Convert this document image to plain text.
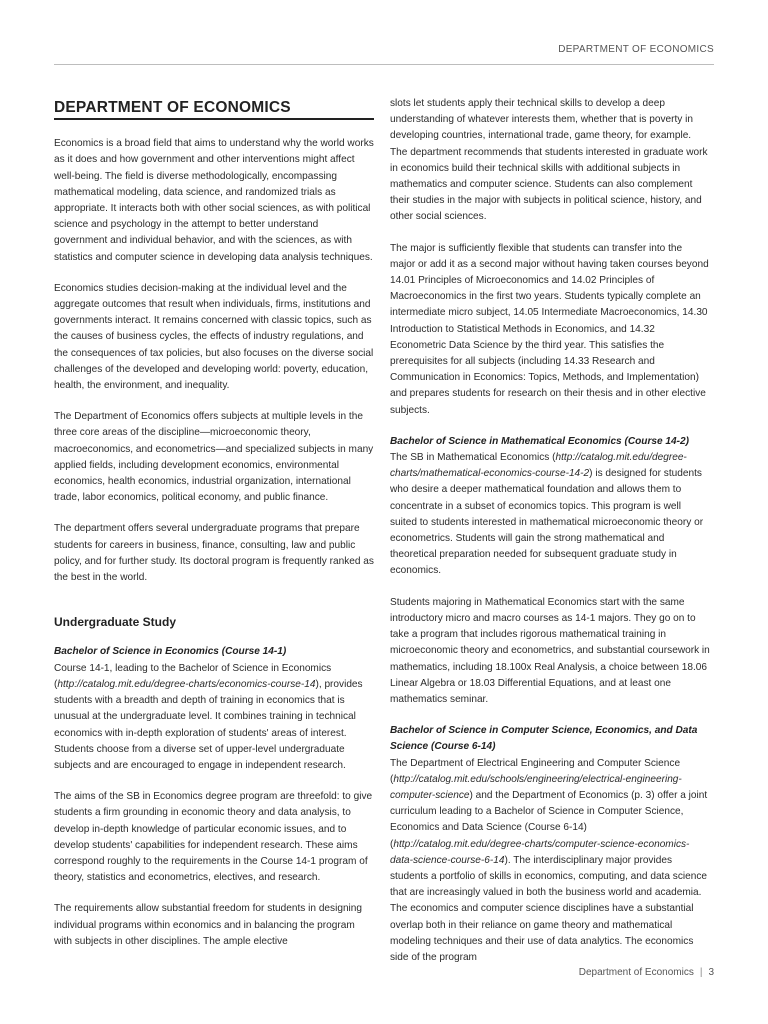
DEPARTMENT OF ECONOMICS
DEPARTMENT OF ECONOMICS

Economics is a broad field that aims to understand why the world works as it does and how government and other interventions might affect well-being. The field is diverse methodologically, encompassing mathematical modeling, data science, and randomized trials as appropriate. It interacts both with other social sciences, as with political science and psychology in the attempt to better understand government and individual behavior, and with the sciences, as with statistics and computer science in developing data analysis techniques.

Economics studies decision-making at the individual level and the aggregate outcomes that result when individuals, firms, institutions and governments interact. It remains concerned with classic topics, such as the causes of business cycles, the effects of industry regulations, and the consequences of tax policies, but also focuses on the diverse social challenges of the developed and developing world: poverty, education, health, the environment, and inequality.

The Department of Economics offers subjects at multiple levels in the three core areas of the discipline—microeconomic theory, macroeconomics, and econometrics—and specialized subjects in many applied fields, including development economics, environmental economics, health economics, industrial organization, international trade, labor economics, political economy, and public finance.

The department offers several undergraduate programs that prepare students for careers in business, finance, consulting, law and public policy, and for further study. Its doctoral program is frequently ranked as the best in the world.

Undergraduate Study
Bachelor of Science in Economics (Course 14-1)

Course 14-1, leading to the Bachelor of Science in Economics (http://catalog.mit.edu/degree-charts/economics-course-14), provides students with a breadth and depth of training in economics that is unusual at the undergraduate level. It combines training in technical economics with in-depth exploration of students' areas of interest. Students choose from a diverse set of upper-level undergraduate subjects and are encouraged to engage in independent research.

The aims of the SB in Economics degree program are threefold: to give students a firm grounding in economic theory and data analysis, to develop in-depth knowledge of particular economic issues, and to develop students' capabilities for independent research. These aims correspond roughly to the requirements in the Course 14-1 program of theory, statistics and econometrics, electives, and research.

The requirements allow substantial freedom for students in designing individual programs within economics and in balancing the program with subjects in other disciplines. The ample elective

slots let students apply their technical skills to develop a deep understanding of whatever interests them, whether that is poverty in developing countries, international trade, game theory, for example. The department recommends that students interested in graduate work in economics build their technical skills with additional subjects in mathematics and computer science. Students can also complement their studies in the major with subjects in political science, history, and other social sciences.

The major is sufficiently flexible that students can transfer into the major or add it as a second major without having taken courses beyond 14.01 Principles of Microeconomics and 14.02 Principles of Macroeconomics in the first two years. Students typically complete an intermediate micro subject, 14.05 Intermediate Macroeconomics, 14.30 Introduction to Statistical Methods in Economics, and 14.32 Econometric Data Science by the third year. This satisfies the prerequisites for all subjects (including 14.33 Research and Communication in Economics: Topics, Methods, and Implementation) and prepares students for research on their thesis and in other elective subjects.

Bachelor of Science in Mathematical Economics (Course 14-2)

The SB in Mathematical Economics (http://catalog.mit.edu/degree-charts/mathematical-economics-course-14-2) is designed for students who desire a deeper mathematical foundation and allows them to concentrate in a subset of economics topics. This program is well suited to students interested in mathematical microeconomic theory or econometrics. Students will gain the strong mathematical and theoretical preparation needed for subsequent graduate study in economics.

Students majoring in Mathematical Economics start with the same introductory micro and macro courses as 14-1 majors. They go on to take a program that includes rigorous mathematical training in microeconomic theory and econometrics, and substantial coursework in mathematics, including 18.100x Real Analysis, a choice between 18.06 Linear Algebra or 18.03 Differential Equations, and at least one mathematics seminar.

Bachelor of Science in Computer Science, Economics, and Data Science (Course 6-14)

The Department of Electrical Engineering and Computer Science (http://catalog.mit.edu/schools/engineering/electrical-engineering-computer-science) and the Department of Economics (p. 3) offer a joint curriculum leading to a Bachelor of Science in Computer Science, Economics and Data Science (Course 6-14) (http://catalog.mit.edu/degree-charts/computer-science-economics-data-science-course-6-14). The interdisciplinary major provides students a portfolio of skills in economics, computing, and data science that are increasingly valued in both the business world and academia. The economics and computer science disciplines have a substantial overlap both in their reliance on game theory and mathematical modeling techniques and their use of data analytics. The economics side of the program

Department of Economics | 3
